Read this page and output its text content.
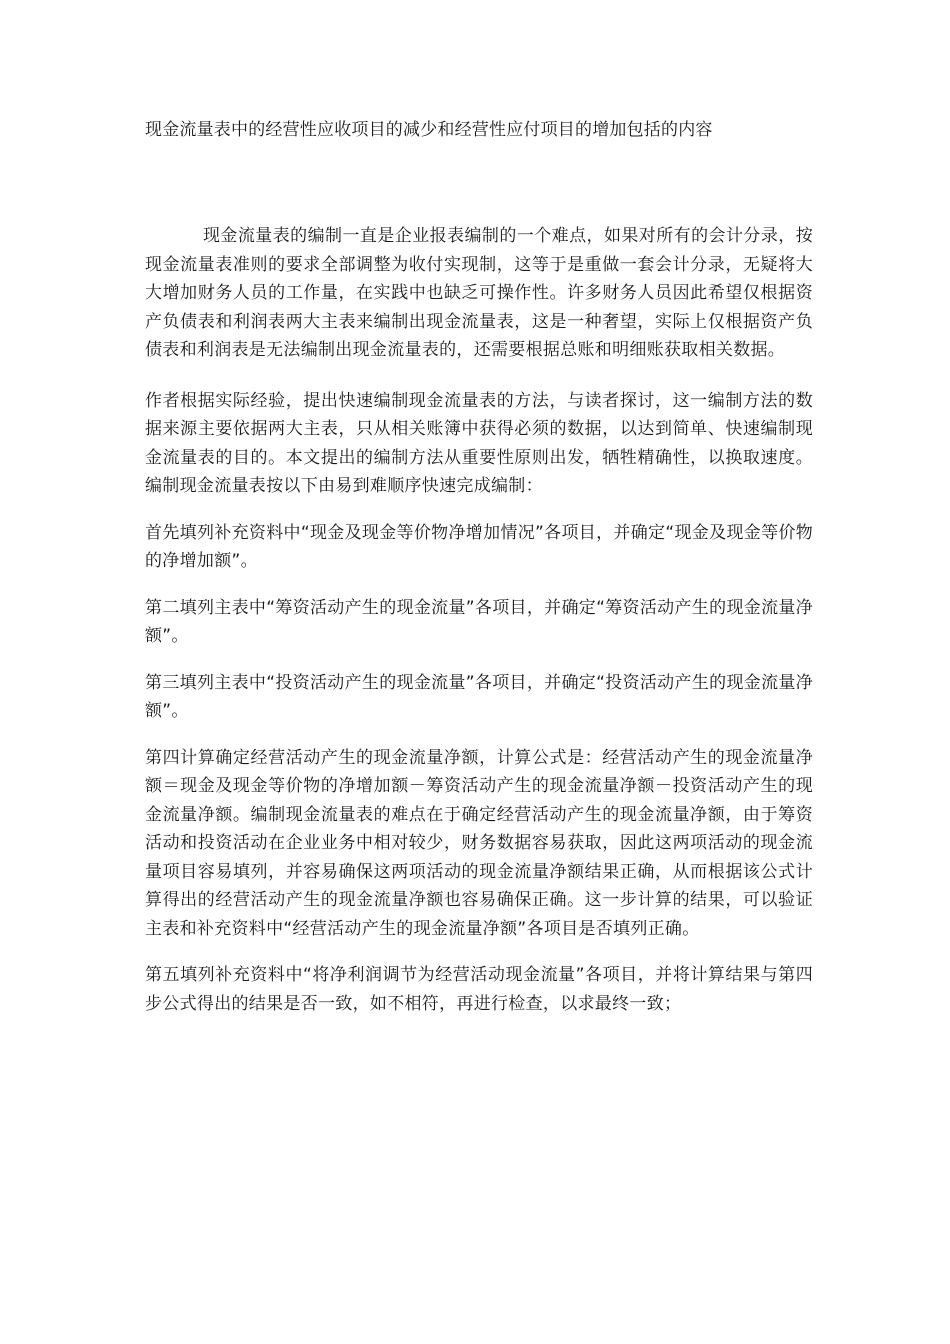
现金流量表中的经营性应收项目的减少和经营性应付项目的增加包括的内容

现金流量表的编制一直是企业报表编制的一个难点，如果对所有的会计分录，按现金流量表准则的要求全部调整为收付实现制，这等于是重做一套会计分录，无疑将大大增加财务人员的工作量，在实践中也缺乏可操作性。许多财务人员因此希望仅根据资产负债表和利润表两大主表来编制出现金流量表，这是一种奢望，实际上仅根据资产负债表和利润表是无法编制出现金流量表的，还需要根据总账和明细账获取相关数据。

作者根据实际经验，提出快速编制现金流量表的方法，与读者探讨，这一编制方法的数据来源主要依据两大主表，只从相关账簿中获得必须的数据，以达到简单、快速编制现金流量表的目的。本文提出的编制方法从重要性原则出发，牺牲精确性，以换取速度。编制现金流量表按以下由易到难顺序快速完成编制：

首先填列补充资料中“现金及现金等价物净增加情况”各项目，并确定“现金及现金等价物的净增加额”。

第二填列主表中“筹资活动产生的现金流量”各项目，并确定“筹资活动产生的现金流量净额”。

第三填列主表中“投资活动产生的现金流量”各项目，并确定“投资活动产生的现金流量净额”。

第四计算确定经营活动产生的现金流量净额，计算公式是：经营活动产生的现金流量净额＝现金及现金等价物的净增加额－筹资活动产生的现金流量净额－投资活动产生的现金流量净额。编制现金流量表的难点在于确定经营活动产生的现金流量净额，由于筹资活动和投资活动在企业业务中相对较少，财务数据容易获取，因此这两项活动的现金流量项目容易填列，并容易确保这两项活动的现金流量净额结果正确，从而根据该公式计算得出的经营活动产生的现金流量净额也容易确保正确。这一步计算的结果，可以验证主表和补充资料中“经营活动产生的现金流量净额”各项目是否填列正确。

第五填列补充资料中“将净利润调节为经营活动现金流量”各项目，并将计算结果与第四步公式得出的结果是否一致，如不相符，再进行检查，以求最终一致；
